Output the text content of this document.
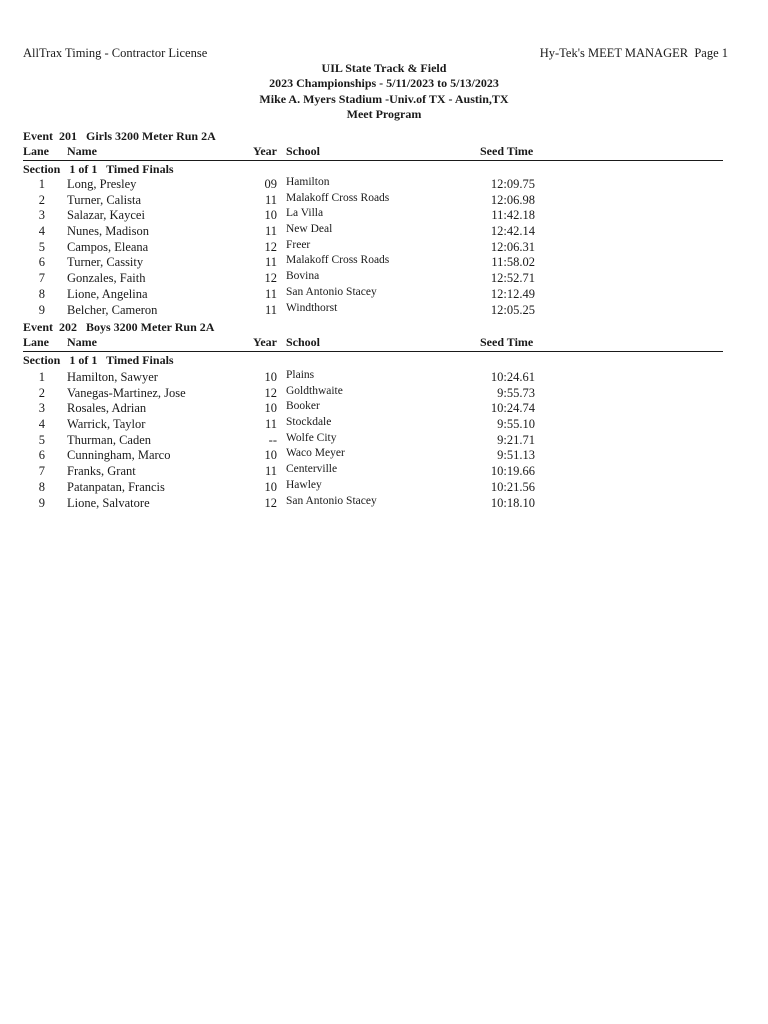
AllTrax Timing - Contractor License	Hy-Tek's MEET MANAGER  Page 1
UIL State Track & Field
2023 Championships - 5/11/2023 to 5/13/2023
Mike A. Myers Stadium -Univ.of TX - Austin,TX
Meet Program
Event  201   Girls 3200 Meter Run 2A
Lane Name	Year School	Seed Time
Section   1 of 1   Timed Finals
1 Long, Presley	09 Hamilton	12:09.75
2 Turner, Calista	11 Malakoff Cross Roads	12:06.98
3 Salazar, Kaycei	10 La Villa	11:42.18
4 Nunes, Madison	11 New Deal	12:42.14
5 Campos, Eleana	12 Freer	12:06.31
6 Turner, Cassity	11 Malakoff Cross Roads	11:58.02
7 Gonzales, Faith	12 Bovina	12:52.71
8 Lione, Angelina	11 San Antonio Stacey	12:12.49
9 Belcher, Cameron	11 Windthorst	12:05.25
Event  202   Boys 3200 Meter Run 2A
Lane Name	Year School	Seed Time
Section   1 of 1   Timed Finals
1 Hamilton, Sawyer	10 Plains	10:24.61
2 Vanegas-Martinez, Jose	12 Goldthwaite	9:55.73
3 Rosales, Adrian	10 Booker	10:24.74
4 Warrick, Taylor	11 Stockdale	9:55.10
5 Thurman, Caden	-- Wolfe City	9:21.71
6 Cunningham, Marco	10 Waco Meyer	9:51.13
7 Franks, Grant	11 Centerville	10:19.66
8 Patanpatan, Francis	10 Hawley	10:21.56
9 Lione, Salvatore	12 San Antonio Stacey	10:18.10
